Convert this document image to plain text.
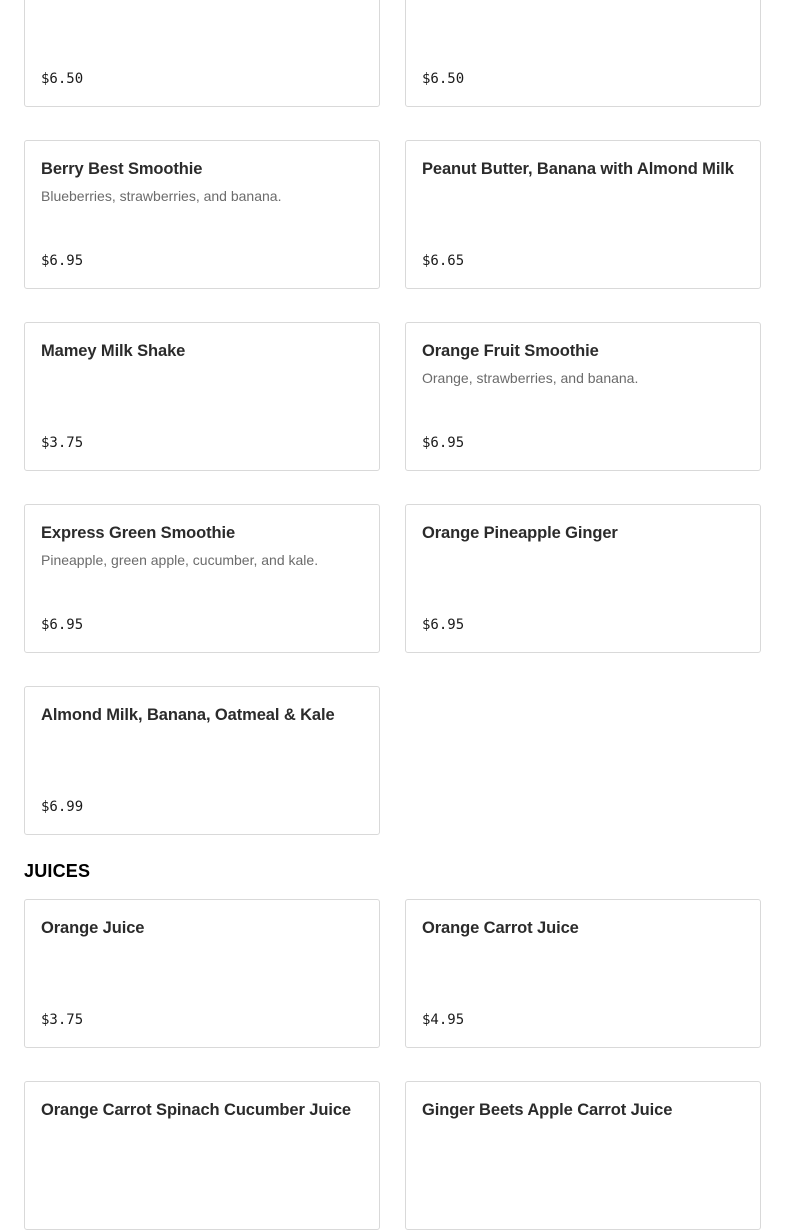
$6.50	$6.50
Berry Best Smoothie
Blueberries, strawberries, and banana.
$6.95
Peanut Butter, Banana with Almond Milk
$6.65
Mamey Milk Shake
$3.75
Orange Fruit Smoothie
Orange, strawberries, and banana.
$6.95
Express Green Smoothie
Pineapple, green apple, cucumber, and kale.
$6.95
Orange Pineapple Ginger
$6.95
Almond Milk, Banana, Oatmeal & Kale
$6.99
JUICES
Orange Juice
$3.75
Orange Carrot Juice
$4.95
Orange Carrot Spinach Cucumber Juice	Ginger Beets Apple Carrot Juice
